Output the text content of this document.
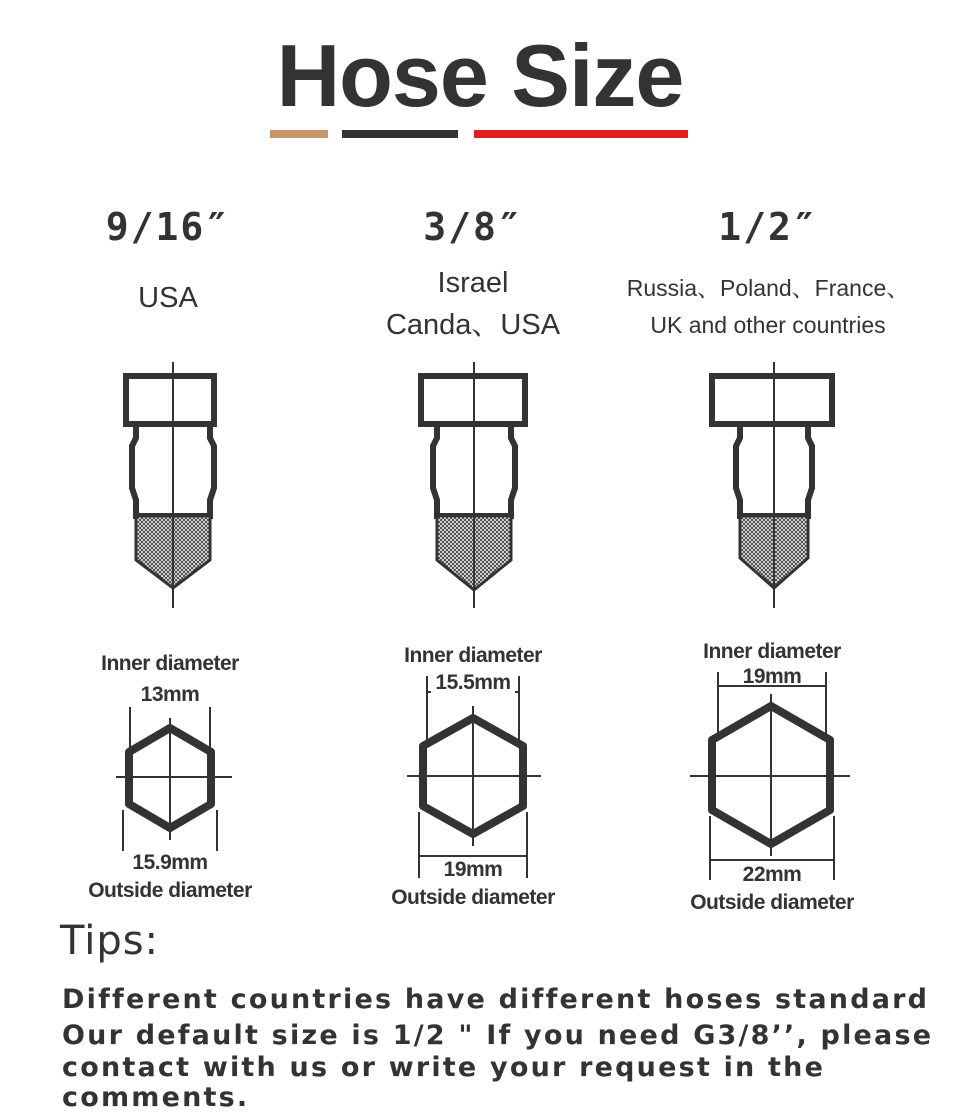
Hose Size
9/16″
USA
Inner diameter
13mm
15.9mm
Outside diameter
3/8″
Israel
Canda、USA
Inner diameter
15.5mm
19mm
Outside diameter
1/2″
Russia、Poland、France、
UK and other countries
Inner diameter
19mm
22mm
Outside diameter
Tips:
Different countries have different hoses standard
Our default size is 1/2 " If you need G3/8’’, please
contact with us or write your request in the
comments.
